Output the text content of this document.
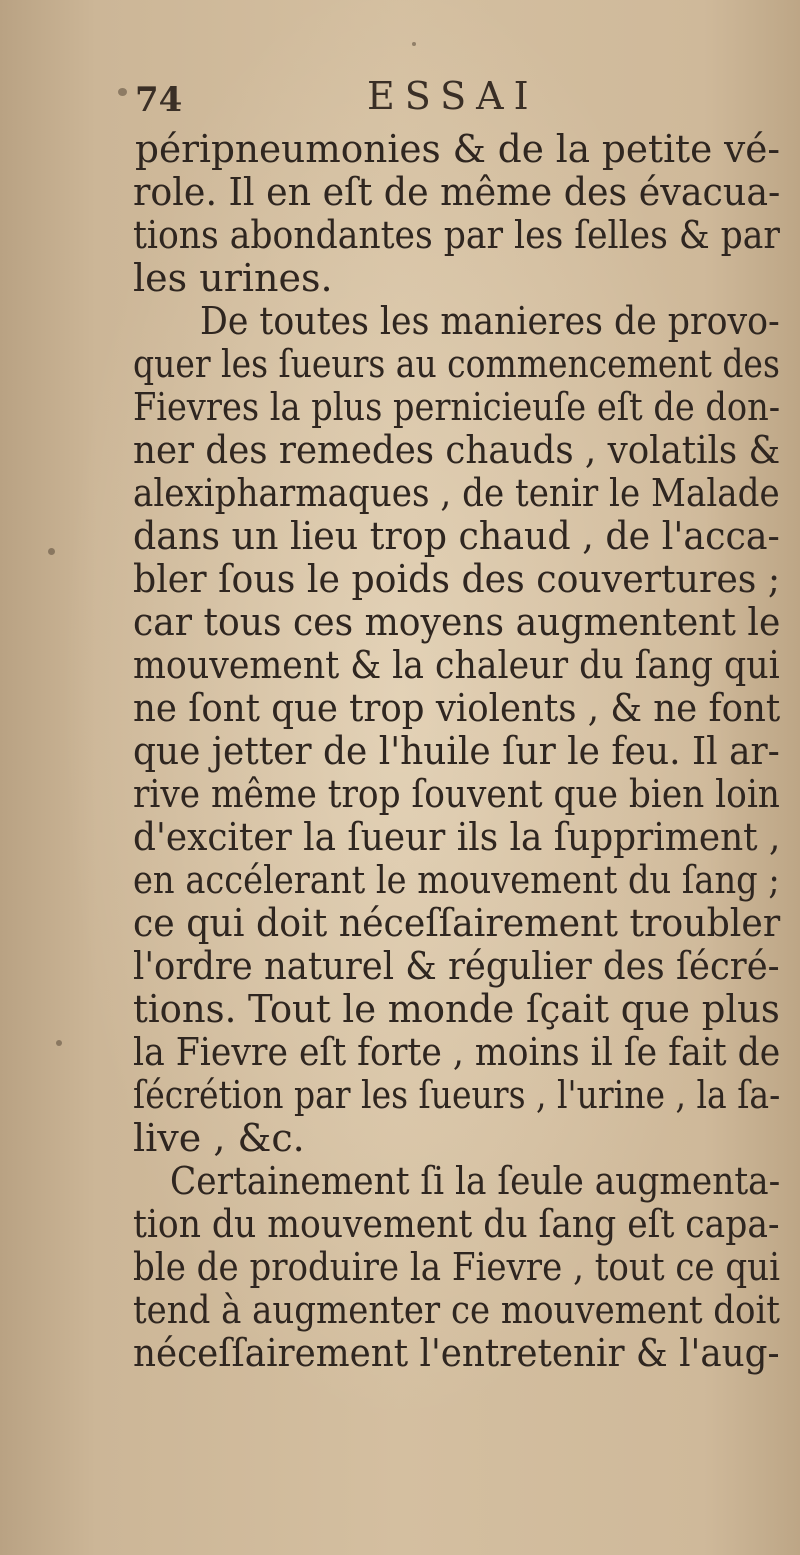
74	ESSAI
péripneumonies & de la petite vé-
role. Il en eſt de même des évacua-
tions abondantes par les ſelles & par
les urines.
De toutes les manieres de provo-
quer les ſueurs au commencement des
Fievres la plus pernicieuſe eſt de don-
ner des remedes chauds , volatils &
alexipharmaques , de tenir le Malade
dans un lieu trop chaud , de l'acca-
bler ſous le poids des couvertures ;
car tous ces moyens augmentent le
mouvement & la chaleur du ſang qui
ne ſont que trop violents , & ne font
que jetter de l'huile ſur le feu. Il ar-
rive même trop ſouvent que bien loin
d'exciter la ſueur ils la ſuppriment ,
en accélerant le mouvement du ſang ;
ce qui doit néceſſairement troubler
l'ordre naturel & régulier des ſécré-
tions. Tout le monde ſçait que plus
la Fievre eſt forte , moins il ſe fait de
ſécrétion par les ſueurs , l'urine , la ſa-
live , &c.
Certainement ſi la ſeule augmenta-
tion du mouvement du ſang eſt capa-
ble de produire la Fievre , tout ce qui
tend à augmenter ce mouvement doit
néceſſairement l'entretenir & l'aug-
